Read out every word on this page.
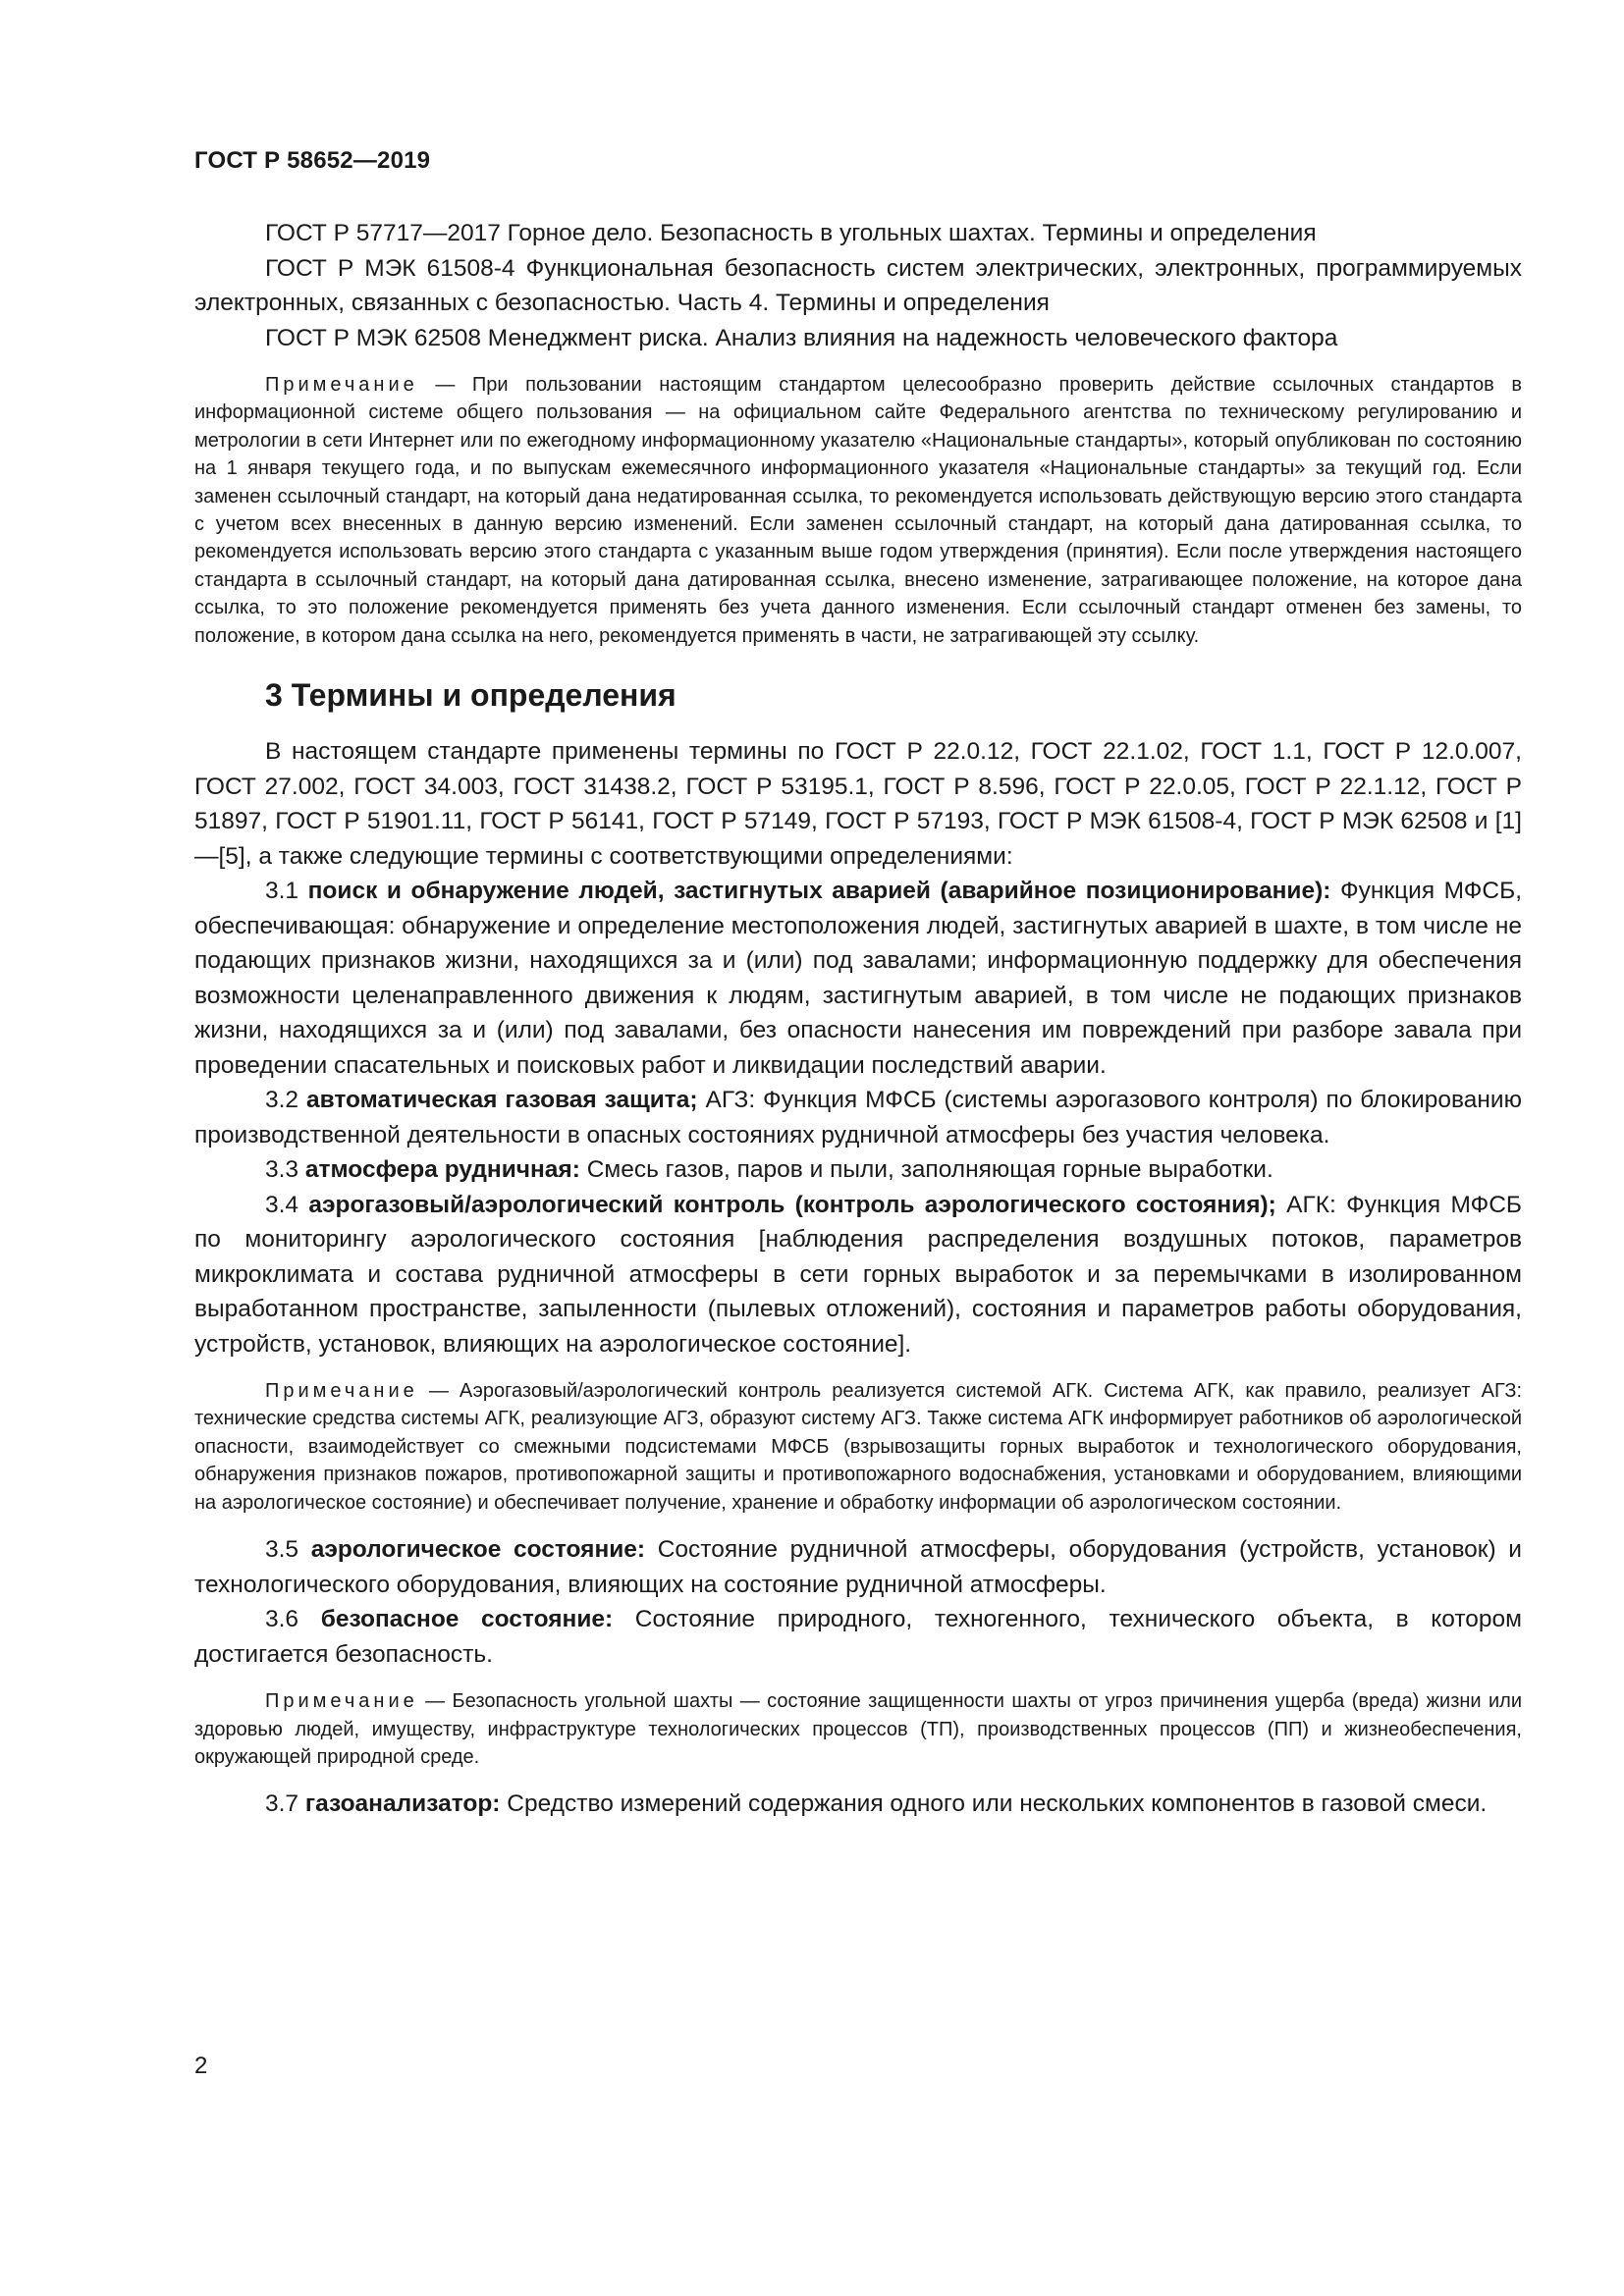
ГОСТ Р 58652—2019

ГОСТ Р 57717—2017 Горное дело. Безопасность в угольных шахтах. Термины и определения

ГОСТ Р МЭК 61508-4 Функциональная безопасность систем электрических, электронных, программируемых электронных, связанных с безопасностью. Часть 4. Термины и определения

ГОСТ Р МЭК 62508 Менеджмент риска. Анализ влияния на надежность человеческого фактора

Примечание — При пользовании настоящим стандартом целесообразно проверить действие ссылочных стандартов в информационной системе общего пользования — на официальном сайте Федерального агентства по техническому регулированию и метрологии в сети Интернет или по ежегодному информационному указателю «Национальные стандарты», который опубликован по состоянию на 1 января текущего года, и по выпускам ежемесячного информационного указателя «Национальные стандарты» за текущий год. Если заменен ссылочный стандарт, на который дана недатированная ссылка, то рекомендуется использовать действующую версию этого стандарта с учетом всех внесенных в данную версию изменений. Если заменен ссылочный стандарт, на который дана датированная ссылка, то рекомендуется использовать версию этого стандарта с указанным выше годом утверждения (принятия). Если после утверждения настоящего стандарта в ссылочный стандарт, на который дана датированная ссылка, внесено изменение, затрагивающее положение, на которое дана ссылка, то это положение рекомендуется применять без учета данного изменения. Если ссылочный стандарт отменен без замены, то положение, в котором дана ссылка на него, рекомендуется применять в части, не затрагивающей эту ссылку.

3 Термины и определения

В настоящем стандарте применены термины по ГОСТ Р 22.0.12, ГОСТ 22.1.02, ГОСТ 1.1, ГОСТ Р 12.0.007, ГОСТ 27.002, ГОСТ 34.003, ГОСТ 31438.2, ГОСТ Р 53195.1, ГОСТ Р 8.596, ГОСТ Р 22.0.05, ГОСТ Р 22.1.12, ГОСТ Р 51897, ГОСТ Р 51901.11, ГОСТ Р 56141, ГОСТ Р 57149, ГОСТ Р 57193, ГОСТ Р МЭК 61508-4, ГОСТ Р МЭК 62508 и [1]—[5], а также следующие термины с соответствующими определениями:

3.1 поиск и обнаружение людей, застигнутых аварией (аварийное позиционирование): Функция МФСБ, обеспечивающая: обнаружение и определение местоположения людей, застигнутых аварией в шахте, в том числе не подающих признаков жизни, находящихся за и (или) под завалами; информационную поддержку для обеспечения возможности целенаправленного движения к людям, застигнутым аварией, в том числе не подающих признаков жизни, находящихся за и (или) под завалами, без опасности нанесения им повреждений при разборе завала при проведении спасательных и поисковых работ и ликвидации последствий аварии.

3.2 автоматическая газовая защита; АГЗ: Функция МФСБ (системы аэрогазового контроля) по блокированию производственной деятельности в опасных состояниях рудничной атмосферы без участия человека.

3.3 атмосфера рудничная: Смесь газов, паров и пыли, заполняющая горные выработки.

3.4 аэрогазовый/аэрологический контроль (контроль аэрологического состояния); АГК: Функция МФСБ по мониторингу аэрологического состояния [наблюдения распределения воздушных потоков, параметров микроклимата и состава рудничной атмосферы в сети горных выработок и за перемычками в изолированном выработанном пространстве, запыленности (пылевых отложений), состояния и параметров работы оборудования, устройств, установок, влияющих на аэрологическое состояние].

Примечание — Аэрогазовый/аэрологический контроль реализуется системой АГК. Система АГК, как правило, реализует АГЗ: технические средства системы АГК, реализующие АГЗ, образуют систему АГЗ. Также система АГК информирует работников об аэрологической опасности, взаимодействует со смежными подсистемами МФСБ (взрывозащиты горных выработок и технологического оборудования, обнаружения признаков пожаров, противопожарной защиты и противопожарного водоснабжения, установками и оборудованием, влияющими на аэрологическое состояние) и обеспечивает получение, хранение и обработку информации об аэрологическом состоянии.

3.5 аэрологическое состояние: Состояние рудничной атмосферы, оборудования (устройств, установок) и технологического оборудования, влияющих на состояние рудничной атмосферы.

3.6 безопасное состояние: Состояние природного, техногенного, технического объекта, в котором достигается безопасность.

Примечание — Безопасность угольной шахты — состояние защищенности шахты от угроз причинения ущерба (вреда) жизни или здоровью людей, имуществу, инфраструктуре технологических процессов (ТП), производственных процессов (ПП) и жизнеобеспечения, окружающей природной среде.

3.7 газоанализатор: Средство измерений содержания одного или нескольких компонентов в газовой смеси.

2
